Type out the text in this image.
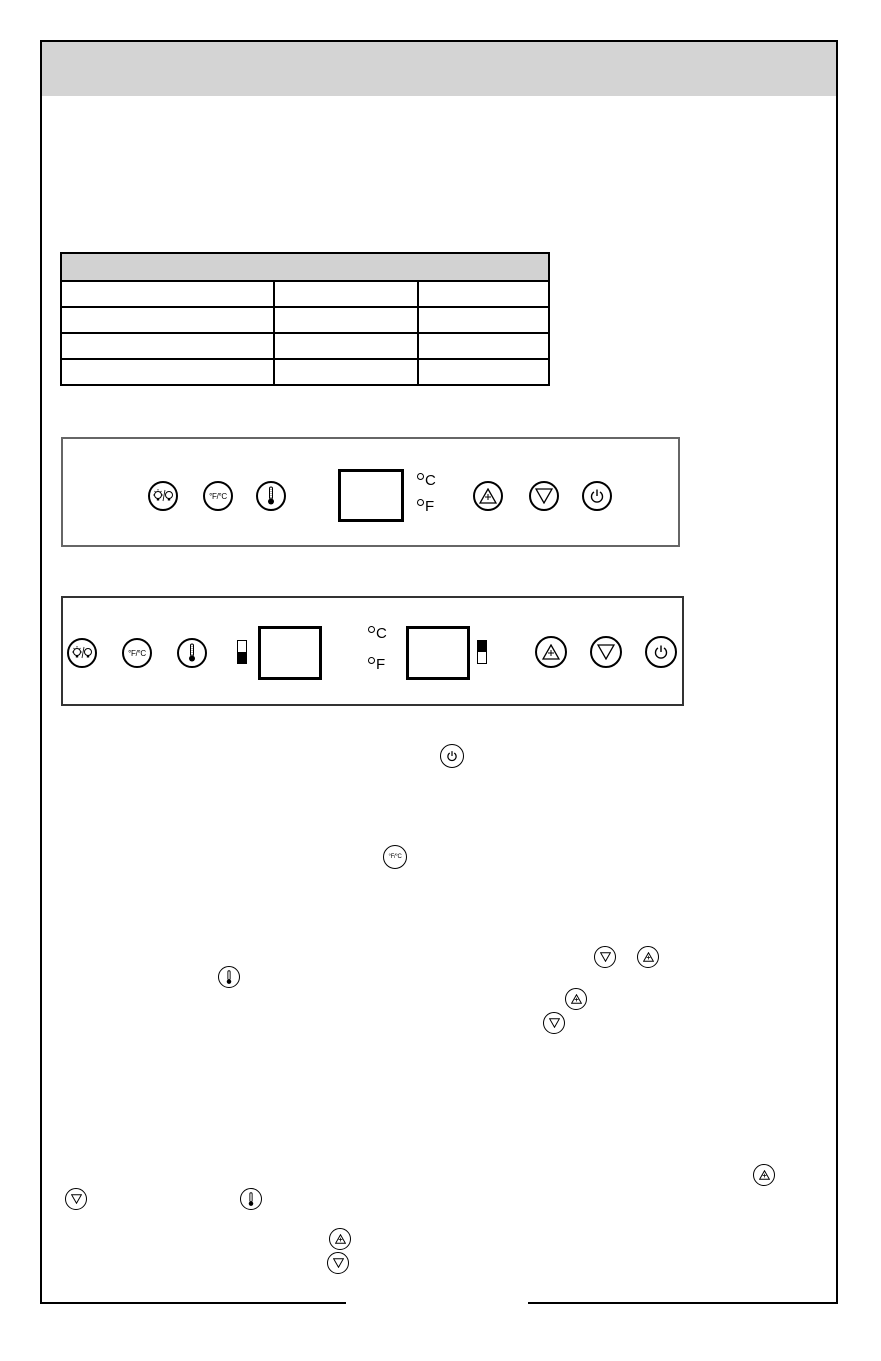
°F/°C
C
F
°F/°C
C
F
°F/°C
